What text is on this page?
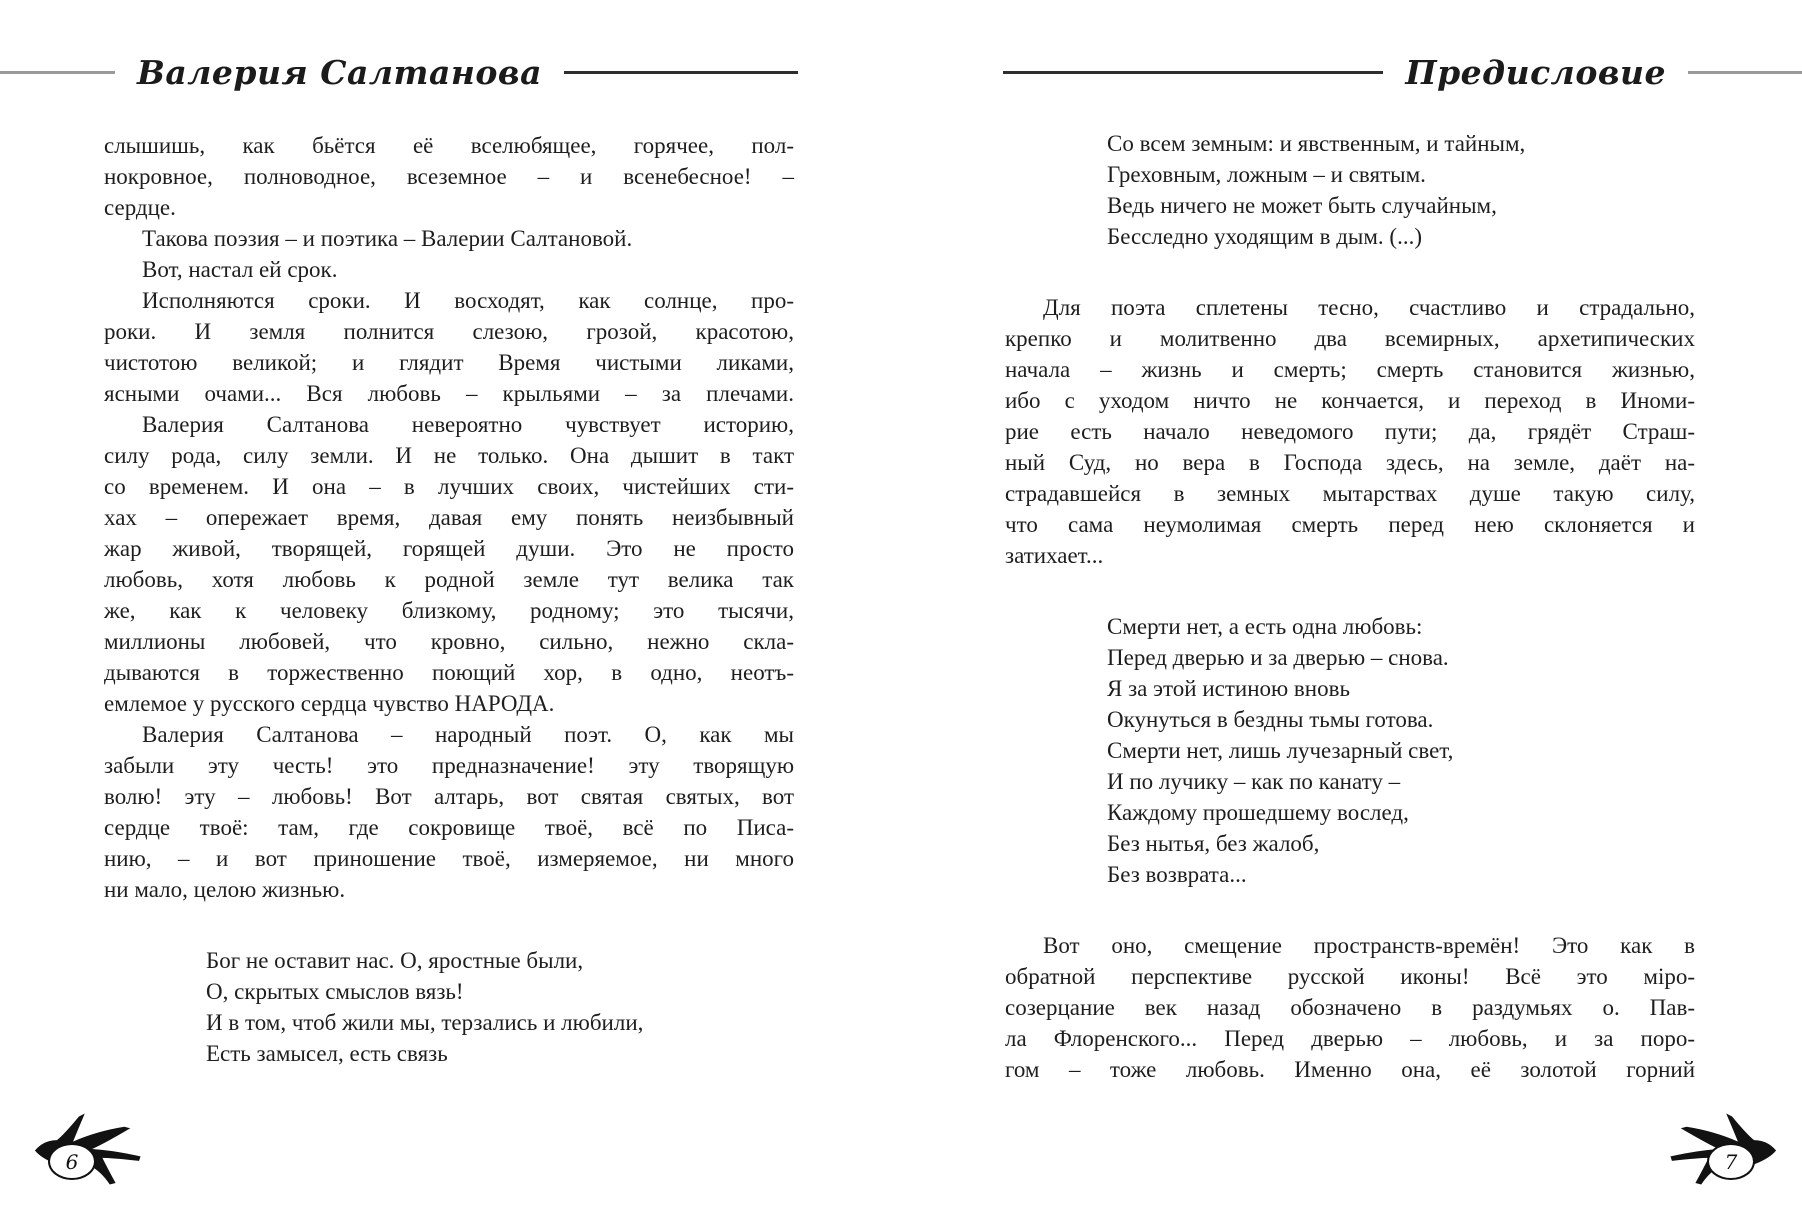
Валерия Салтанова
слышишь, как бьётся её вселюбящее, горячее, пол-
нокровное, полноводное, всеземное – и всенебесное! –
сердце.
Такова поэзия – и поэтика – Валерии Салтановой.
Вот, настал ей срок.
Исполняются сроки. И восходят, как солнце, про-
роки. И земля полнится слезою, грозой, красотою,
чистотою великой; и глядит Время чистыми ликами,
ясными очами... Вся любовь – крыльями – за плечами.
Валерия Салтанова невероятно чувствует историю,
силу рода, силу земли. И не только. Она дышит в такт
со временем. И она – в лучших своих, чистейших сти-
хах – опережает время, давая ему понять неизбывный
жар живой, творящей, горящей души. Это не просто
любовь, хотя любовь к родной земле тут велика так
же, как к человеку близкому, родному; это тысячи,
миллионы любовей, что кровно, сильно, нежно скла-
дываются в торжественно поющий хор, в одно, неотъ-
емлемое у русского сердца чувство НАРОДА.
Валерия Салтанова – народный поэт. О, как мы
забыли эту честь! это предназначение! эту творящую
волю! эту – любовь! Вот алтарь, вот святая святых, вот
сердце твоё: там, где сокровище твоё, всё по Писа-
нию, – и вот приношение твоё, измеряемое, ни много
ни мало, целою жизнью.
Бог не оставит нас. О, яростные были,
О, скрытых смыслов вязь!
И в том, чтоб жили мы, терзались и любили,
Есть замысел, есть связь
6
Предисловие
Со всем земным: и явственным, и тайным,
Греховным, ложным – и святым.
Ведь ничего не может быть случайным,
Бесследно уходящим в дым. (...)
Для поэта сплетены тесно, счастливо и страдально,
крепко и молитвенно два всемирных, архетипических
начала – жизнь и смерть; смерть становится жизнью,
ибо с уходом ничто не кончается, и переход в Иноми-
рие есть начало неведомого пути; да, грядёт Страш-
ный Суд, но вера в Господа здесь, на земле, даёт на-
страдавшейся в земных мытарствах душе такую силу,
что сама неумолимая смерть перед нею склоняется и
затихает...
Смерти нет, а есть одна любовь:
Перед дверью и за дверью – снова.
Я за этой истиною вновь
Окунуться в бездны тьмы готова.
Смерти нет, лишь лучезарный свет,
И по лучику – как по канату –
Каждому прошедшему вослед,
Без нытья, без жалоб,
Без возврата...
Вот оно, смещение пространств-времён! Это как в
обратной перспективе русской иконы! Всё это міро-
созерцание век назад обозначено в раздумьях о. Пав-
ла Флоренского... Перед дверью – любовь, и за поро-
гом – тоже любовь. Именно она, её золотой горний
7
